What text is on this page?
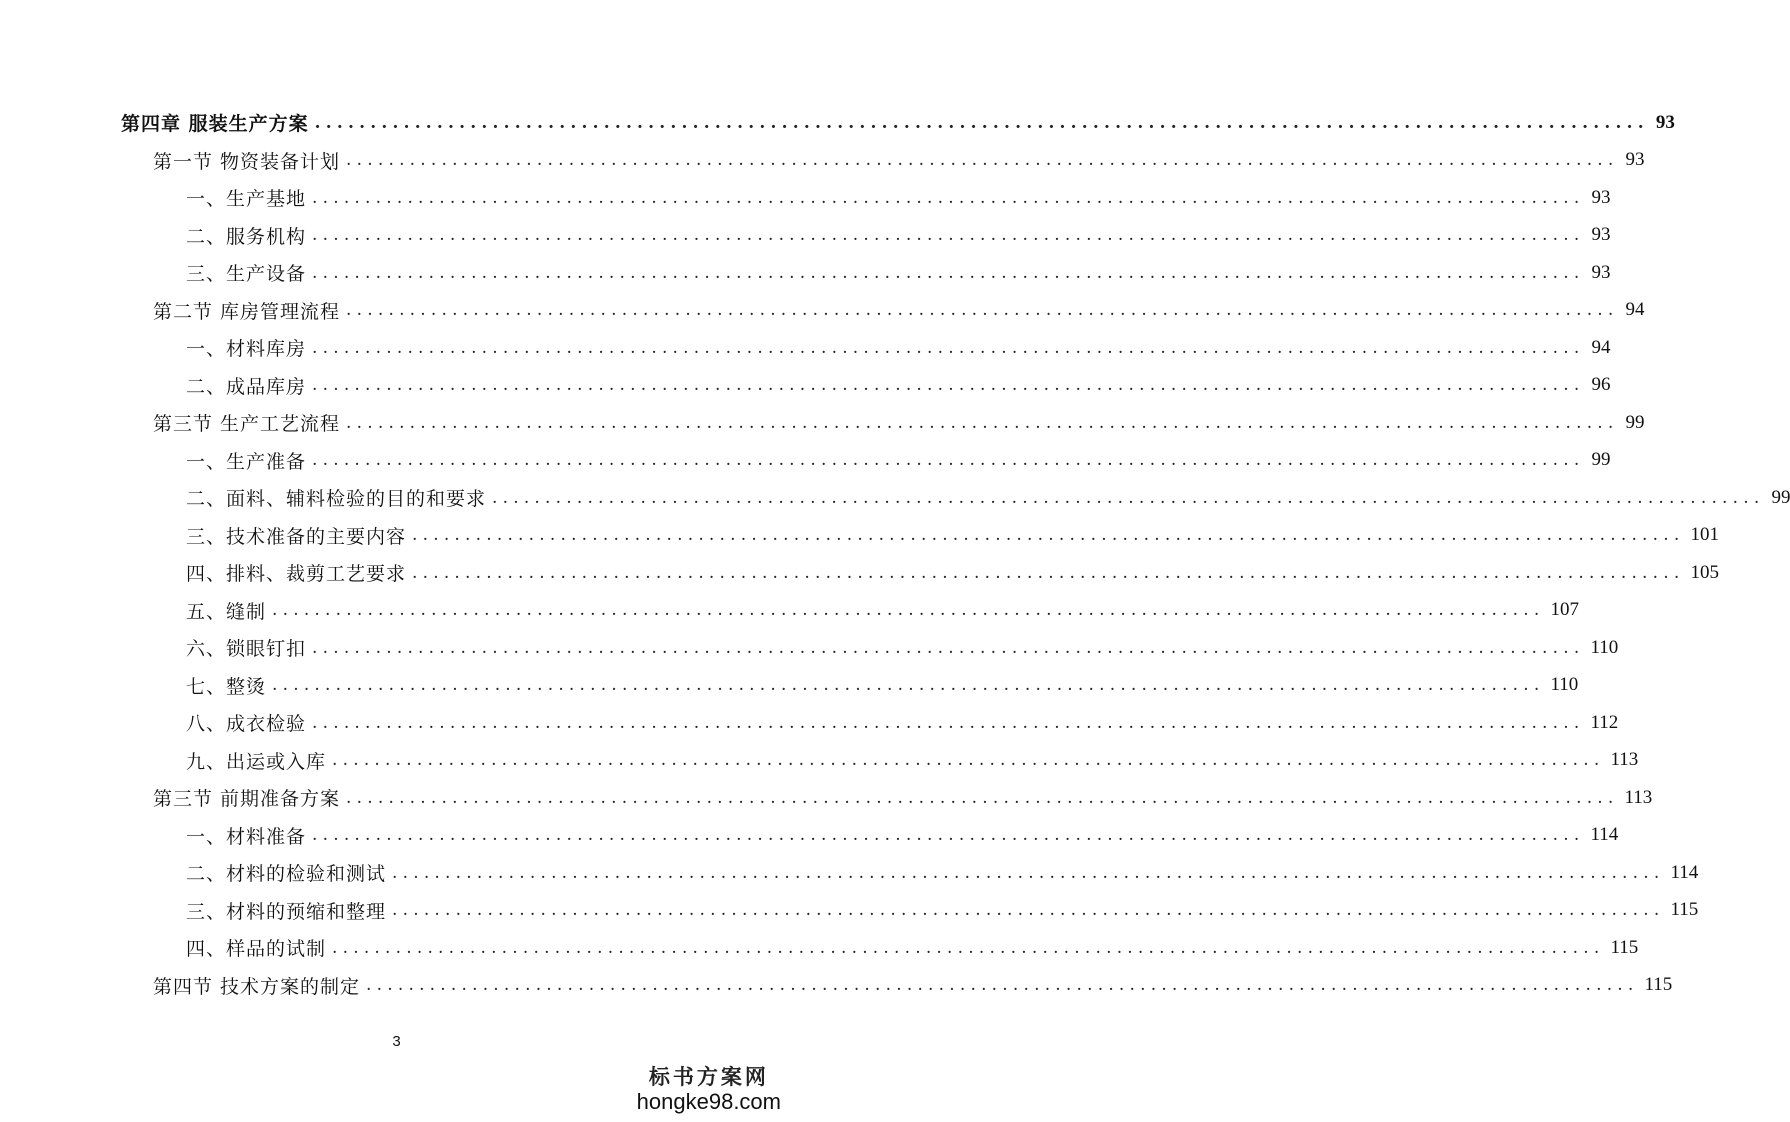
第四章 服装生产方案 ........................................................................................................................ 93
第一节 物资装备计划 ........................................................................................................................ 93
一、生产基地 ........................................................................................................................ 93
二、服务机构 ........................................................................................................................ 93
三、生产设备 ........................................................................................................................ 93
第二节 库房管理流程 ........................................................................................................................ 94
一、材料库房 ........................................................................................................................ 94
二、成品库房 ........................................................................................................................ 96
第三节 生产工艺流程 ........................................................................................................................ 99
一、生产准备 ........................................................................................................................ 99
二、面料、辅料检验的目的和要求 ........................................................................................................................ 99
三、技术准备的主要内容 ........................................................................................................................ 101
四、排料、裁剪工艺要求 ........................................................................................................................ 105
五、缝制 ........................................................................................................................ 107
六、锁眼钉扣 ........................................................................................................................ 110
七、整烫 ........................................................................................................................ 110
八、成衣检验 ........................................................................................................................ 112
九、出运或入库 ........................................................................................................................ 113
第三节 前期准备方案 ........................................................................................................................ 113
一、材料准备 ........................................................................................................................ 114
二、材料的检验和测试 ........................................................................................................................ 114
三、材料的预缩和整理 ........................................................................................................................ 115
四、样品的试制 ........................................................................................................................ 115
第四节 技术方案的制定 ........................................................................................................................ 115
3
标书方案网
hongke98.com
